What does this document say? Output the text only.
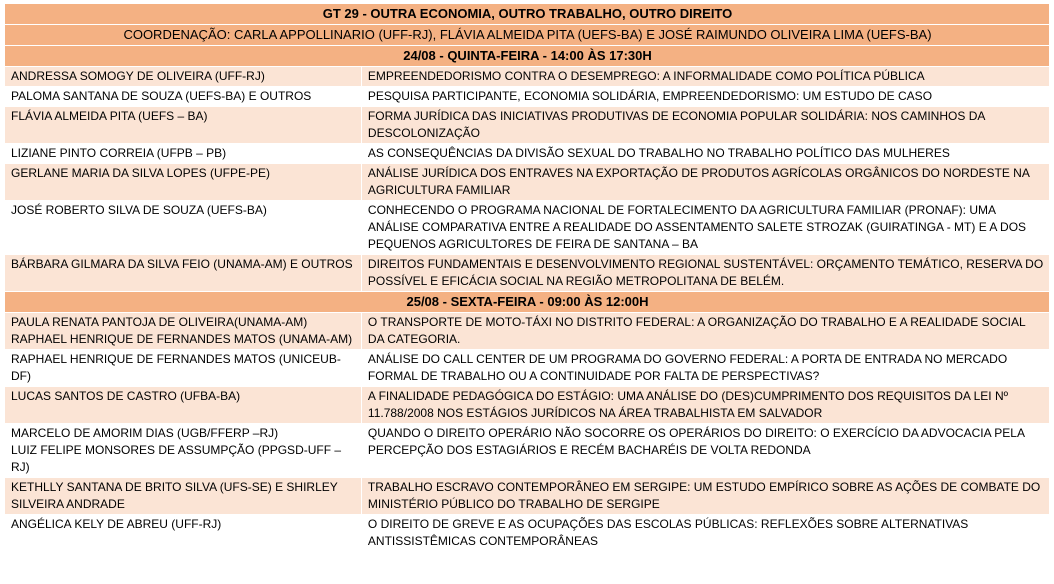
GT 29 - OUTRA ECONOMIA, OUTRO TRABALHO, OUTRO DIREITO	
COORDENAÇÃO: CARLA APPOLLINARIO (UFF-RJ), FLÁVIA ALMEIDA PITA (UEFS-BA) E JOSÉ RAIMUNDO OLIVEIRA LIMA (UEFS-BA)	
24/08 - QUINTA-FEIRA - 14:00 ÀS 17:30H	

ANDRESSA SOMOGY DE OLIVEIRA (UFF-RJ)	EMPREENDEDORISMO CONTRA O DESEMPREGO: A INFORMALIDADE COMO POLÍTICA PÚBLICA

PALOMA SANTANA DE SOUZA (UEFS-BA) E OUTROS	PESQUISA PARTICIPANTE, ECONOMIA SOLIDÁRIA, EMPREENDEDORISMO: UM ESTUDO DE CASO

FLÁVIA ALMEIDA PITA (UEFS – BA)	FORMA JURÍDICA DAS INICIATIVAS PRODUTIVAS DE ECONOMIA POPULAR SOLIDÁRIA: NOS CAMINHOS DA DESCOLONIZAÇÃO

LIZIANE PINTO CORREIA (UFPB – PB)	AS CONSEQUÊNCIAS DA DIVISÃO SEXUAL DO TRABALHO NO TRABALHO POLÍTICO DAS MULHERES

GERLANE MARIA DA SILVA LOPES (UFPE-PE)	ANÁLISE JURÍDICA DOS ENTRAVES NA EXPORTAÇÃO DE PRODUTOS AGRÍCOLAS ORGÂNICOS DO NORDESTE NA AGRICULTURA FAMILIAR

JOSÉ ROBERTO SILVA DE SOUZA (UEFS-BA)	CONHECENDO O PROGRAMA NACIONAL DE FORTALECIMENTO DA AGRICULTURA FAMILIAR (PRONAF): UMA ANÁLISE COMPARATIVA ENTRE A REALIDADE DO ASSENTAMENTO SALETE STROZAK (GUIRATINGA - MT) E A DOS PEQUENOS AGRICULTORES DE FEIRA DE SANTANA – BA

BÁRBARA GILMARA DA SILVA FEIO (UNAMA-AM) E OUTROS	DIREITOS FUNDAMENTAIS E DESENVOLVIMENTO REGIONAL SUSTENTÁVEL: ORÇAMENTO TEMÁTICO, RESERVA DO POSSÍVEL E EFICÁCIA SOCIAL NA REGIÃO METROPOLITANA DE BELÉM.
25/08 - SEXTA-FEIRA - 09:00 ÀS 12:00H	

PAULA RENATA PANTOJA DE OLIVEIRA(UNAMA-AM)
RAPHAEL HENRIQUE DE FERNANDES MATOS (UNAMA-AM)	O TRANSPORTE DE MOTO-TÁXI NO DISTRITO FEDERAL: A ORGANIZAÇÃO DO TRABALHO E A REALIDADE SOCIAL DA CATEGORIA.

RAPHAEL HENRIQUE DE FERNANDES MATOS (UNICEUB-DF)	ANÁLISE DO CALL CENTER DE UM PROGRAMA DO GOVERNO FEDERAL: A PORTA DE ENTRADA NO MERCADO FORMAL DE TRABALHO OU A CONTINUIDADE POR FALTA DE PERSPECTIVAS?

LUCAS SANTOS DE CASTRO (UFBA-BA)	A FINALIDADE PEDAGÓGICA DO ESTÁGIO: UMA ANÁLISE DO (DES)CUMPRIMENTO DOS REQUISITOS DA LEI Nº 11.788/2008 NOS ESTÁGIOS JURÍDICOS NA ÁREA TRABALHISTA EM SALVADOR

MARCELO DE AMORIM DIAS (UGB/FFERP –RJ)
LUIZ FELIPE MONSORES DE ASSUMPÇÃO (PPGSD-UFF – RJ)	QUANDO O DIREITO OPERÁRIO NÃO SOCORRE OS OPERÁRIOS DO DIREITO: O EXERCÍCIO DA ADVOCACIA PELA PERCEPÇÃO DOS ESTAGIÁRIOS E RECÉM BACHARÉIS DE VOLTA REDONDA

KETHLLY SANTANA DE BRITO SILVA (UFS-SE) E SHIRLEY SILVEIRA ANDRADE	TRABALHO ESCRAVO CONTEMPORÂNEO EM SERGIPE: UM ESTUDO EMPÍRICO SOBRE AS AÇÕES DE COMBATE DO MINISTÉRIO PÚBLICO DO TRABALHO DE SERGIPE

ANGÉLICA KELY DE ABREU (UFF-RJ)	O DIREITO DE GREVE E AS OCUPAÇÕES DAS ESCOLAS PÚBLICAS: REFLEXÕES SOBRE ALTERNATIVAS ANTISSISTÊMICAS CONTEMPORÂNEAS
